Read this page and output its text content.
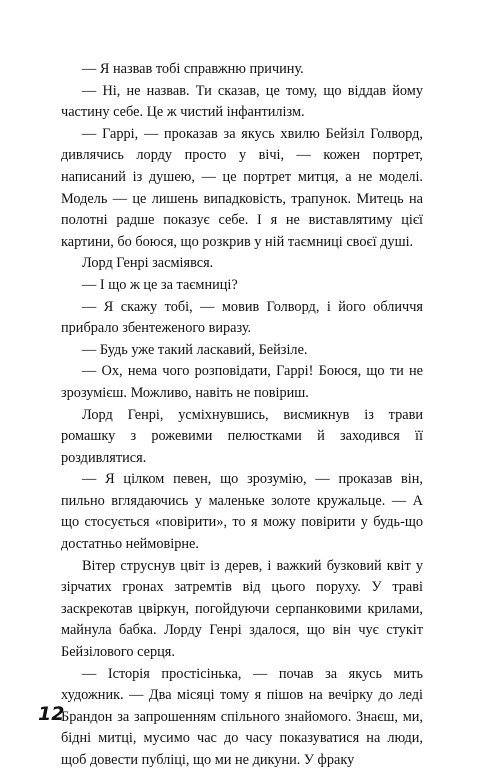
— Я назвав тобі справжню причину.

— Ні, не назвав. Ти сказав, це тому, що віддав йому частину себе. Це ж чистий інфантилізм.

— Гаррі, — проказав за якусь хвилю Бейзіл Голворд, дивлячись лорду просто у вічі, — кожен портрет, написаний із душею, — це портрет митця, а не моделі. Модель — це лишень випадковість, трапунок. Митець на полотні радше показує себе. І я не виставлятиму цієї картини, бо боюся, що розкрив у ній таємниці своєї душі.

Лорд Генрі засміявся.

— І що ж це за таємниці?

— Я скажу тобі, — мовив Голворд, і його обличчя прибрало збентеженого виразу.

— Будь уже такий ласкавий, Бейзіле.

— Ох, нема чого розповідати, Гаррі! Боюся, що ти не зрозумієш. Можливо, навіть не повіриш.

Лорд Генрі, усміхнувшись, висмикнув із трави ромашку з рожевими пелюстками й заходився її роздивлятися.

— Я цілком певен, що зрозумію, — проказав він, пильно вглядаючись у маленьке золоте кружальце. — А що стосується «повірити», то я можу повірити у будь-що достатньо неймовірне.

Вітер струснув цвіт із дерев, і важкий бузковий квіт у зірчатих гронах затремтів від цього поруху. У траві заскрекотав цвіркун, погойдуючи серпанковими крилами, майнула бабка. Лорду Генрі здалося, що він чує стукіт Бейзілового серця.

— Історія простісінька, — почав за якусь мить художник. — Два місяці тому я пішов на вечірку до леді Брандон за запрошенням спільного знайомого. Знаєш, ми, бідні митці, мусимо час до часу показуватися на люди, щоб довести публіці, що ми не дикуни. У фраку

12
